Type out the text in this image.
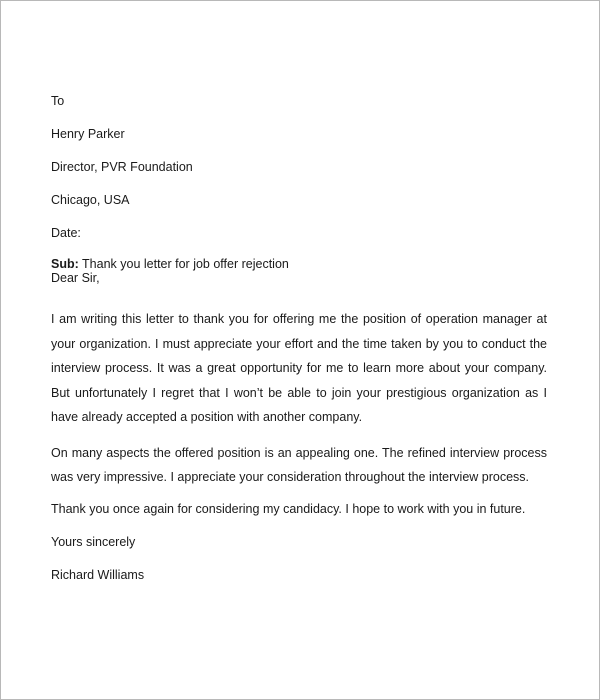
To
Henry Parker
Director, PVR Foundation
Chicago, USA
Date:
Sub: Thank you letter for job offer rejection
Dear Sir,

I am writing this letter to thank you for offering me the position of operation manager at your organization. I must appreciate your effort and the time taken by you to conduct the interview process. It was a great opportunity for me to learn more about your company. But unfortunately I regret that I won’t be able to join your prestigious organization as I have already accepted a position with another company.

On many aspects the offered position is an appealing one. The refined interview process was very impressive. I appreciate your consideration throughout the interview process.

Thank you once again for considering my candidacy. I hope to work with you in future.
Yours sincerely
Richard Williams
